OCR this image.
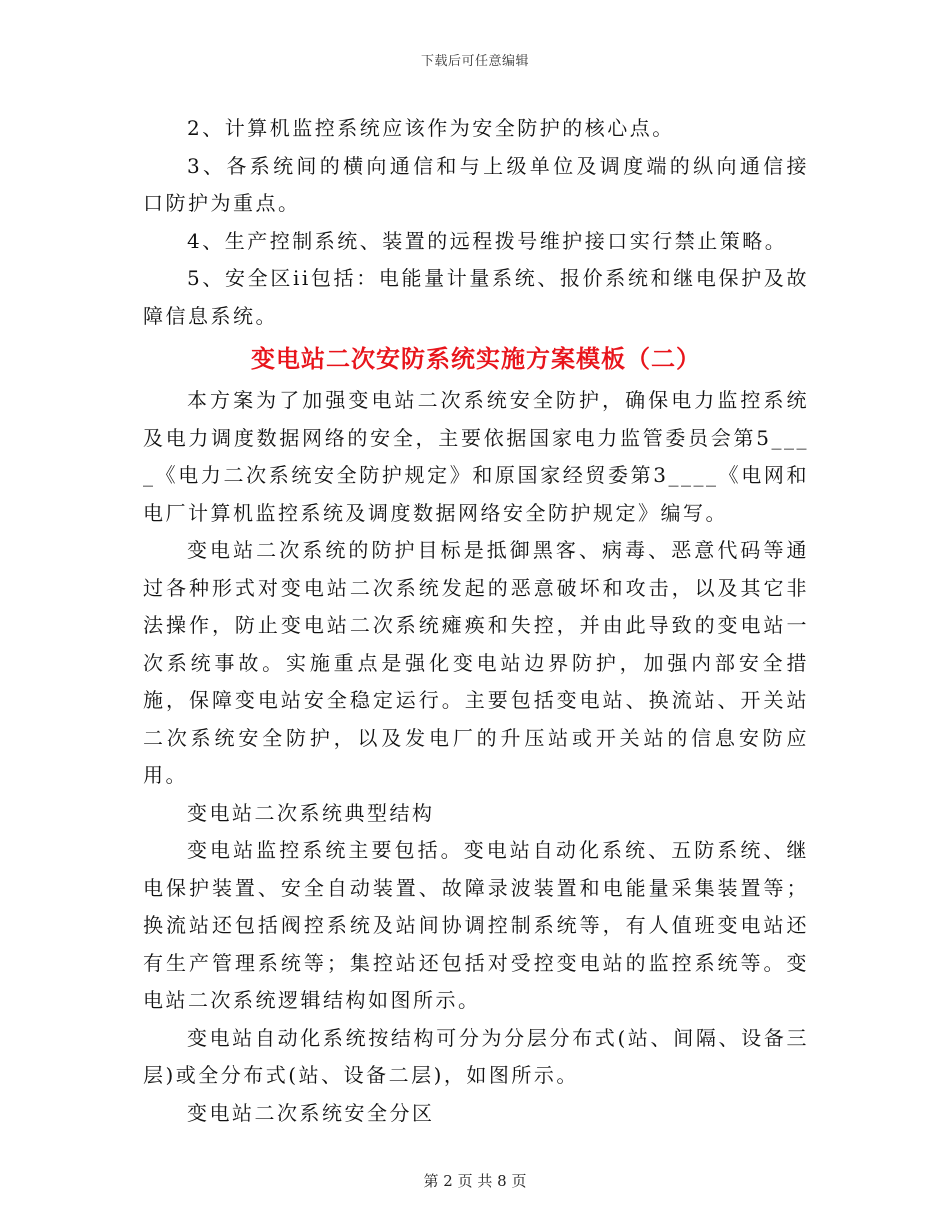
下载后可任意编辑

2、计算机监控系统应该作为安全防护的核心点。

3、各系统间的横向通信和与上级单位及调度端的纵向通信接口防护为重点。

4、生产控制系统、装置的远程拨号维护接口实行禁止策略。

5、安全区ii包括：电能量计量系统、报价系统和继电保护及故障信息系统。

变电站二次安防系统实施方案模板（二）

本方案为了加强变电站二次系统安全防护，确保电力监控系统及电力调度数据网络的安全，主要依据国家电力监管委员会第5____《电力二次系统安全防护规定》和原国家经贸委第3____《电网和电厂计算机监控系统及调度数据网络安全防护规定》编写。

变电站二次系统的防护目标是抵御黑客、病毒、恶意代码等通过各种形式对变电站二次系统发起的恶意破坏和攻击，以及其它非法操作，防止变电站二次系统瘫痪和失控，并由此导致的变电站一次系统事故。实施重点是强化变电站边界防护，加强内部安全措施，保障变电站安全稳定运行。主要包括变电站、换流站、开关站二次系统安全防护，以及发电厂的升压站或开关站的信息安防应用。

变电站二次系统典型结构

变电站监控系统主要包括。变电站自动化系统、五防系统、继电保护装置、安全自动装置、故障录波装置和电能量采集装置等；换流站还包括阀控系统及站间协调控制系统等，有人值班变电站还有生产管理系统等；集控站还包括对受控变电站的监控系统等。变电站二次系统逻辑结构如图所示。

变电站自动化系统按结构可分为分层分布式(站、间隔、设备三层)或全分布式(站、设备二层)，如图所示。

变电站二次系统安全分区

第 2 页 共 8 页
